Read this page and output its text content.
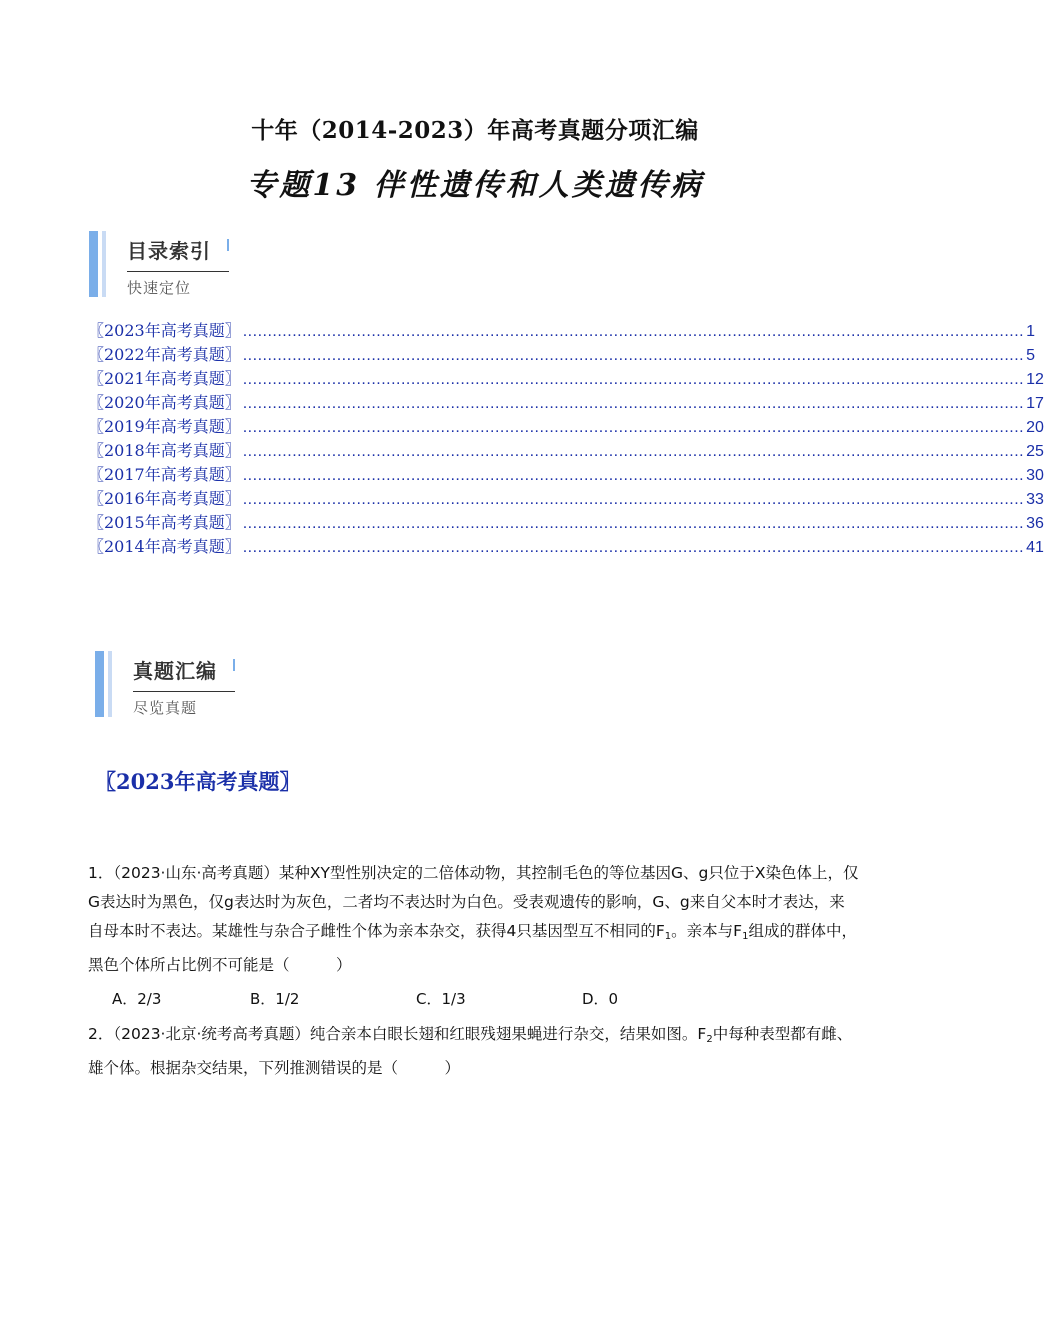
十年（2014-2023）年高考真题分项汇编
专题13 伴性遗传和人类遗传病
目录索引
快速定位
〖2023年高考真题〗 .............................................................................................................................................................. 1
〖2022年高考真题〗 .............................................................................................................................................................. 5
〖2021年高考真题〗 .............................................................................................................................................................. 12
〖2020年高考真题〗 .............................................................................................................................................................. 17
〖2019年高考真题〗 .............................................................................................................................................................. 20
〖2018年高考真题〗 .............................................................................................................................................................. 25
〖2017年高考真题〗 .............................................................................................................................................................. 30
〖2016年高考真题〗 .............................................................................................................................................................. 33
〖2015年高考真题〗 .............................................................................................................................................................. 36
〖2014年高考真题〗 .............................................................................................................................................................. 41
真题汇编
尽览真题
〖2023年高考真题〗
1．（2023·山东·高考真题）某种XY型性别决定的二倍体动物，其控制毛色的等位基因G、g只位于X染色体上，仅G表达时为黑色，仅g表达时为灰色，二者均不表达时为白色。受表观遗传的影响，G、g来自父本时才表达，来自母本时不表达。某雄性与杂合子雌性个体为亲本杂交，获得4只基因型互不相同的F1。亲本与F1组成的群体中，黑色个体所占比例不可能是（　　　）
A．2/3	B．1/2	C．1/3	D．0
2．（2023·北京·统考高考真题）纯合亲本白眼长翅和红眼残翅果蝇进行杂交，结果如图。F2中每种表型都有雌、雄个体。根据杂交结果，下列推测错误的是（　　　）
